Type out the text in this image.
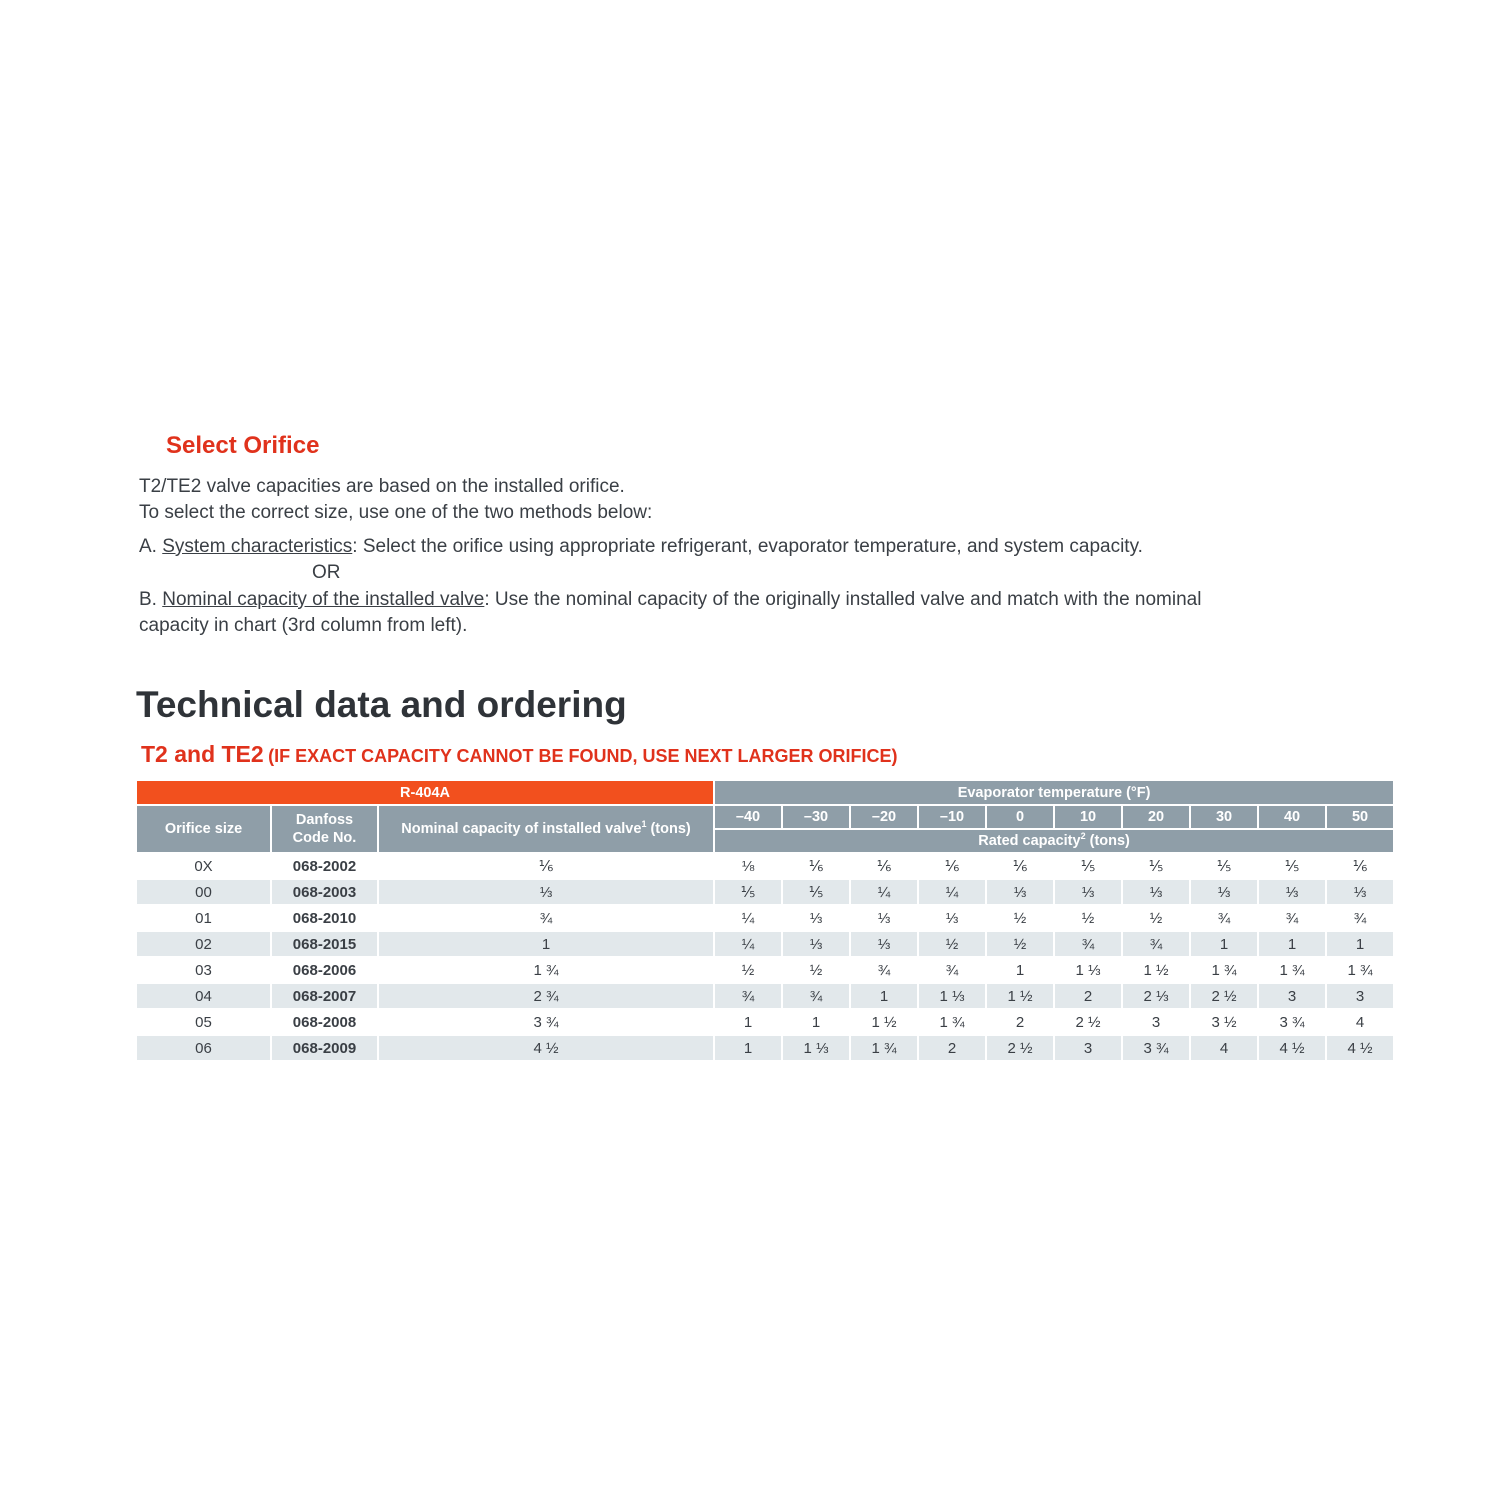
Select Orifice
T2/TE2 valve capacities are based on the installed orifice.
To select the correct size, use one of the two methods below:
A. System characteristics: Select the orifice using appropriate refrigerant, evaporator temperature, and system capacity.
OR
B. Nominal capacity of the installed valve: Use the nominal capacity of the originally installed valve and match with the nominal
capacity in chart (3rd column from left).
Technical data and ordering
T2 and TE2 (IF EXACT CAPACITY CANNOT BE FOUND, USE NEXT LARGER ORIFICE)
R-404A			Evaporator temperature (°F)									
Orifice size	Danfoss
Code No.	Nominal capacity of installed valve$^1$ (tons)	–40	–30	–20	–10	0	10	20	30	40	50
			Rated capacity$^2$ (tons)									
0X	068-2002	⅙	⅛	⅙	⅙	⅙	⅙	⅕	⅕	⅕	⅕	⅙
00	068-2003	⅓	⅕	⅕	¼	¼	⅓	⅓	⅓	⅓	⅓	⅓
01	068-2010	¾	¼	⅓	⅓	⅓	½	½	½	¾	¾	¾
02	068-2015	1	¼	⅓	⅓	½	½	¾	¾	1	1	1
03	068-2006	1 ¾	½	½	¾	¾	1	1 ⅓	1 ½	1 ¾	1 ¾	1 ¾
04	068-2007	2 ¾	¾	¾	1	1 ⅓	1 ½	2	2 ⅓	2 ½	3	3
05	068-2008	3 ¾	1	1	1 ½	1 ¾	2	2 ½	3	3 ½	3 ¾	4
06	068-2009	4 ½	1	1 ⅓	1 ¾	2	2 ½	3	3 ¾	4	4 ½	4 ½
